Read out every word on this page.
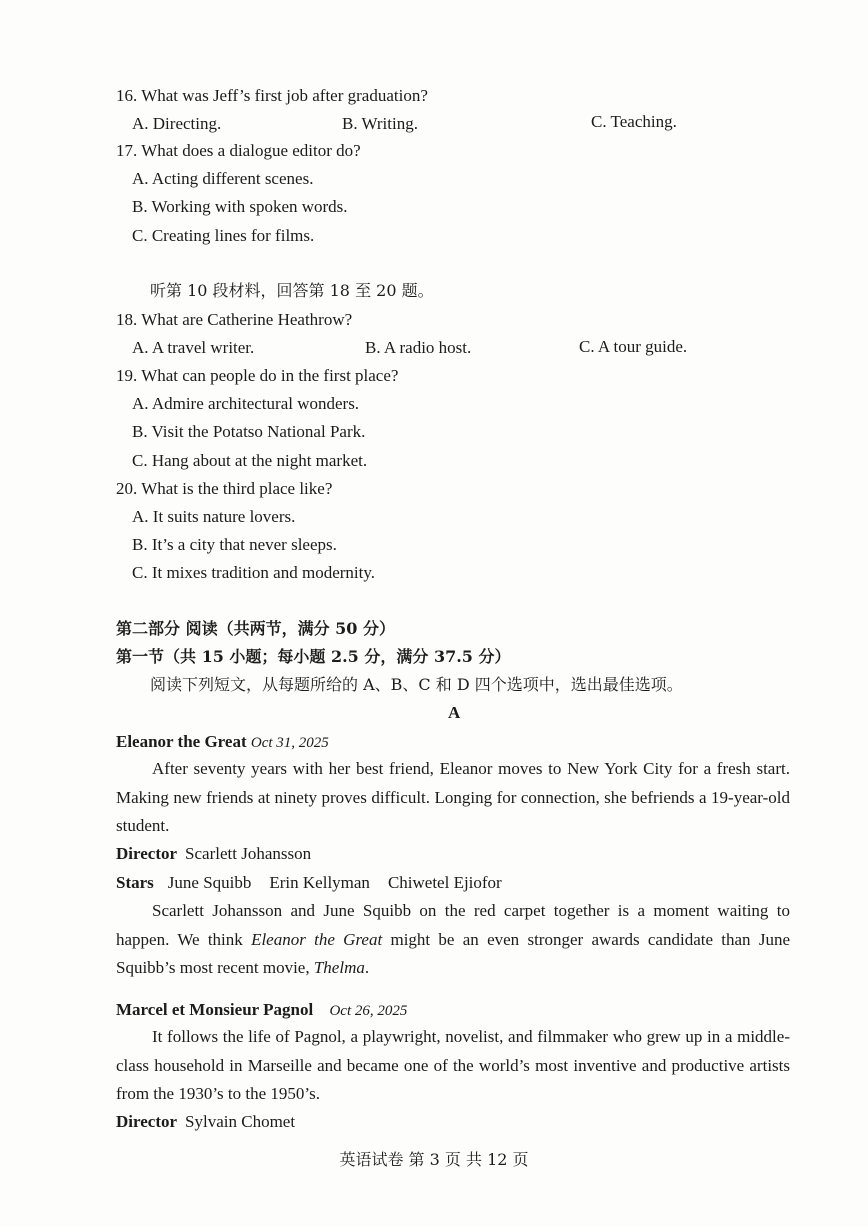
16. What was Jeff’s first job after graduation?
A. Directing.	B. Writing.	C. Teaching.
17. What does a dialogue editor do?
A. Acting different scenes.
B. Working with spoken words.
C. Creating lines for films.
听第 10 段材料，回答第 18 至 20 题。
18. What are Catherine Heathrow?
A. A travel writer.	B. A radio host.	C. A tour guide.
19. What can people do in the first place?
A. Admire architectural wonders.
B. Visit the Potatso National Park.
C. Hang about at the night market.
20. What is the third place like?
A. It suits nature lovers.
B. It’s a city that never sleeps.
C. It mixes tradition and modernity.
第二部分 阅读（共两节，满分 50 分）
第一节（共 15 小题；每小题 2.5 分，满分 37.5 分）
阅读下列短文，从每题所给的 A、B、C 和 D 四个选项中，选出最佳选项。
A
Eleanor the Great Oct 31, 2025
After seventy years with her best friend, Eleanor moves to New York City for a fresh start. Making new friends at ninety proves difficult. Longing for connection, she befriends a 19-year-old student.
Director Scarlett Johansson
Stars June Squibb Erin Kellyman Chiwetel Ejiofor
Scarlett Johansson and June Squibb on the red carpet together is a moment waiting to happen. We think Eleanor the Great might be an even stronger awards candidate than June Squibb’s most recent movie, Thelma.
Marcel et Monsieur Pagnol Oct 26, 2025
It follows the life of Pagnol, a playwright, novelist, and filmmaker who grew up in a middle-class household in Marseille and became one of the world’s most inventive and productive artists from the 1930’s to the 1950’s.
Director Sylvain Chomet
英语试卷 第 3 页 共 12 页
